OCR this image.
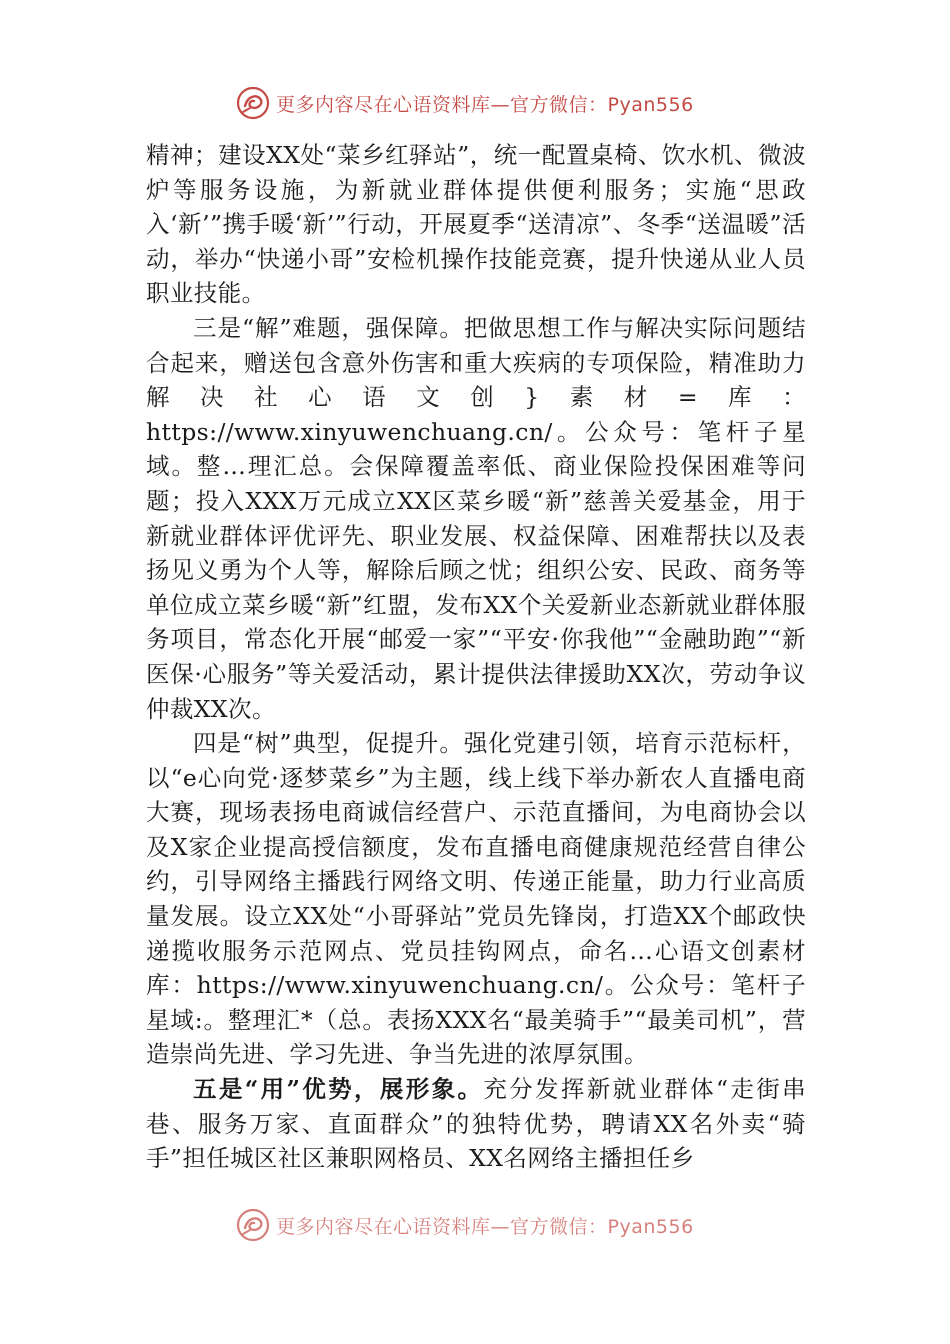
更多内容尽在心语资料库—官方微信：Pyan556

精神；建设XX处“菜乡红驿站”，统一配置桌椅、饮水机、微波炉等服务设施，为新就业群体提供便利服务；实施“思政入‘新’”携手暖‘新’”行动，开展夏季“送清凉”、冬季“送温暖”活动，举办“快递小哥”安检机操作技能竞赛，提升快递从业人员职业技能。

三是“解”难题，强保障。把做思想工作与解决实际问题结合起来，赠送包含意外伤害和重大疾病的专项保险，精准助力解决社心语文创}素材=库：https://www.xinyuwenchuang.cn/。公众号：笔杆子星域。整…理汇总。会保障覆盖率低、商业保险投保困难等问题；投入XXX万元成立XX区菜乡暖“新”慈善关爱基金，用于新就业群体评优评先、职业发展、权益保障、困难帮扶以及表扬见义勇为个人等，解除后顾之忧；组织公安、民政、商务等单位成立菜乡暖“新”红盟，发布XX个关爱新业态新就业群体服务项目，常态化开展“邮爱一家”“平安·你我他”“金融助跑”“新医保·心服务”等关爱活动，累计提供法律援助XX次，劳动争议仲裁XX次。

四是“树”典型，促提升。强化党建引领，培育示范标杆，以“e心向党·逐梦菜乡”为主题，线上线下举办新农人直播电商大赛，现场表扬电商诚信经营户、示范直播间，为电商协会以及X家企业提高授信额度，发布直播电商健康规范经营自律公约，引导网络主播践行网络文明、传递正能量，助力行业高质量发展。设立XX处“小哥驿站”党员先锋岗，打造XX个邮政快递揽收服务示范网点、党员挂钩网点，命名…心语文创素材库：https://www.xinyuwenchuang.cn/。公众号：笔杆子星域:。整理汇*（总。表扬XXX名“最美骑手”“最美司机”，营造崇尚先进、学习先进、争当先进的浓厚氛围。

五是“用”优势，展形象。充分发挥新就业群体“走街串巷、服务万家、直面群众”的独特优势，聘请XX名外卖“骑手”担任城区社区兼职网格员、XX名网络主播担任乡

更多内容尽在心语资料库—官方微信：Pyan556
